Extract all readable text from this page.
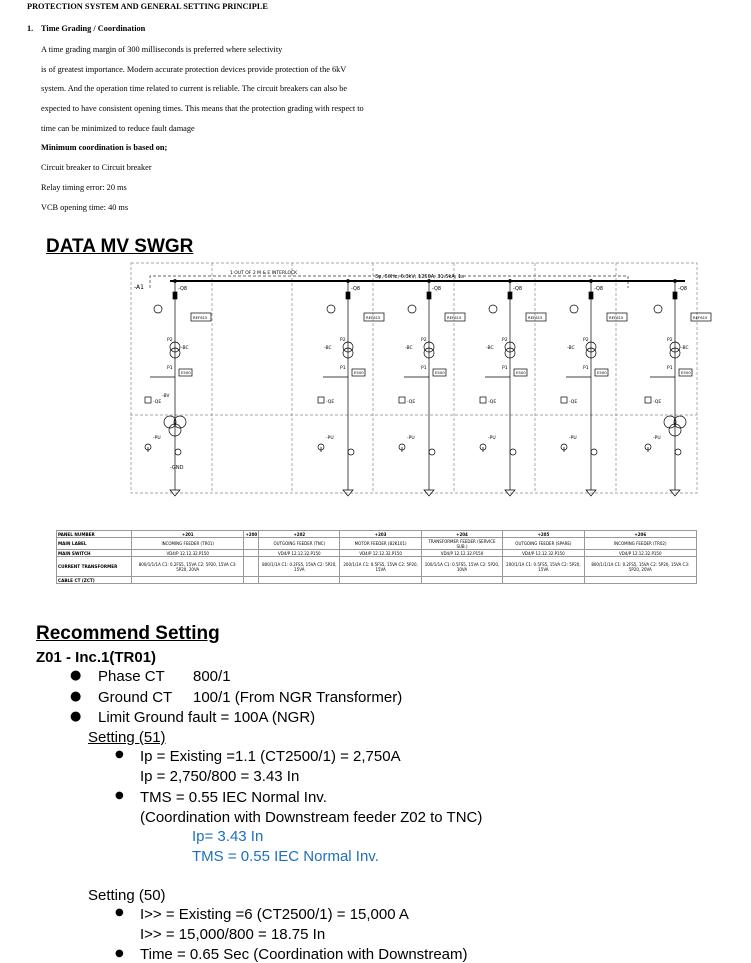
PROTECTION SYSTEM AND GENERAL SETTING PRINCIPLE
1. Time Grading / Coordination
A time grading margin of 300 milliseconds is preferred where selectivity
is of greatest importance. Modern accurate protection devices provide protection of the 6kV
system. And the operation time related to current is reliable. The circuit breakers can also be
expected to have consistent opening times. This means that the protection grading with respect to
time can be minimized to reduce fault damage
Minimum coordination is based on;
Circuit breaker to Circuit breaker
Relay timing error: 20 ms
VCB opening time: 40 ms
DATA MV SWGR
1 OUT OF 2 M & E INTERLOCK
3φ, 50Hz, 6.3kV, 1250A, 31.5kA, 1s
-Q8
REF615
P2
P1
E500
-QE
-PU
-BC
-Q8
REF615
P2
P1
E500
-QE
-PU
-BC
-Q8
REF615
P2
P1
E500
-QE
-PU
-BC
-Q8
REF615
P2
P1
E500
-QE
-PU
-BC
-Q8
REF615
P2
P1
E500
-QE
-PU
-BC
-Q8
REF615
P2
P1
E500
-QE
-PU
-BC
-A1
-GND
-BV
PANEL NUMBER	+201	+200	+202	+203	+204	+205	+206
MAIN LABEL	INCOMING FEEDER (TR01)		OUTGOING FEEDER (TNC)	MOTOR FEEDER (B2K101)	TRANSFORMER FEEDER (SERVICE SUB.)	OUTGOING FEEDER (SPARE)	INCOMING FEEDER (TR02)
MAIN SWITCH	VD4/P 12.12.32.P150		VD4/P 12.12.32.P150	VD4/P 12.12.32.P150	VD4/P 12.12.32.P150	VD4/P 12.12.32.P150	VD4/P 12.12.32.P150
CURRENT TRANSFORMER	800/1/1/1A C1: 0.2FS5, 15VA C2: 5P20, 15VA C3: 5P20, 20VA		800/1/1A C1: 0.2FS5, 15VA C2: 5P20, 15VA	200/1/1A C1: 0.5FS5, 15VA C2: 5P20, 15VA	100/1/1A C1: 0.5FS5, 15VA C2: 5P20, 10VA	200/1/1A C1: 0.5FS5, 15VA C2: 5P20, 15VA	800/1/1/1A C1: 0.2FS5, 15VA C2: 5P20, 15VA C3: 5P20, 20VA
CABLE CT (ZCT)							
Recommend Setting
Z01 - Inc.1(TR01)
● Phase CT 800/1
● Ground CT 100/1 (From NGR Transformer)
● Limit Ground fault = 100A (NGR)
Setting (51)
● Ip = Existing =1.1 (CT2500/1) = 2,750A
Ip = 2,750/800 = 3.43 In
● TMS = 0.55 IEC Normal Inv.
(Coordination with Downstream feeder Z02 to TNC)
Ip= 3.43 In
TMS = 0.55 IEC Normal Inv.
Setting (50)
● I>> = Existing =6 (CT2500/1) = 15,000 A
I>> = 15,000/800 = 18.75 In
● Time = 0.65 Sec (Coordination with Downstream)
